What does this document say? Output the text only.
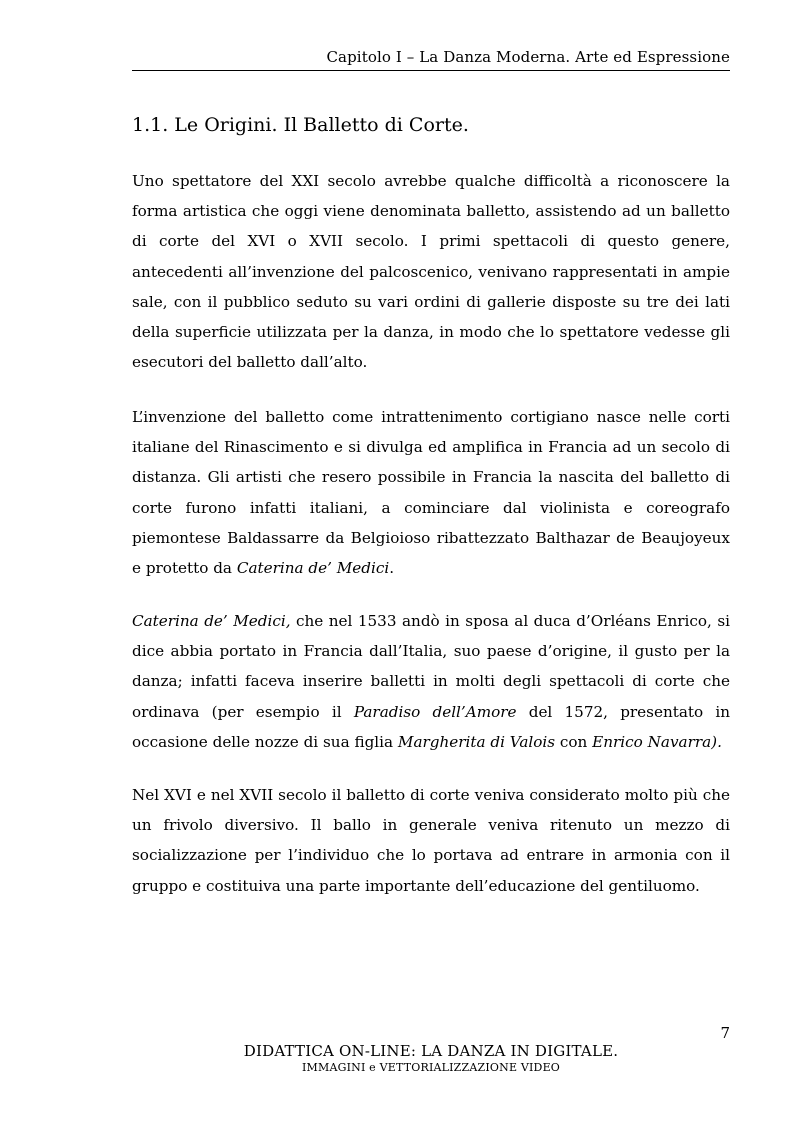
Capitolo I – La Danza Moderna. Arte ed Espressione
1.1. Le Origini. Il Balletto di Corte.

Uno spettatore del XXI secolo avrebbe qualche difficoltà a riconoscere la forma artistica che oggi viene denominata balletto, assistendo ad un balletto di corte del XVI o XVII secolo. I primi spettacoli di questo genere, antecedenti all’invenzione del palcoscenico, venivano rappresentati in ampie sale, con il pubblico seduto su vari ordini di gallerie disposte su tre dei lati della superficie utilizzata per la danza, in modo che lo spettatore vedesse gli esecutori del balletto dall’alto.

L’invenzione del balletto come intrattenimento cortigiano nasce nelle corti italiane del Rinascimento e si divulga ed amplifica in Francia ad un secolo di distanza. Gli artisti che resero possibile in Francia la nascita del balletto di corte furono infatti italiani, a cominciare dal violinista e coreografo piemontese Baldassarre da Belgioioso ribattezzato Balthazar de Beaujoyeux e protetto da Caterina de’ Medici.

Caterina de’ Medici, che nel 1533 andò in sposa al duca d’Orléans Enrico, si dice abbia portato in Francia dall’Italia, suo paese d’origine, il gusto per la danza; infatti faceva inserire balletti in molti degli spettacoli di corte che ordinava (per esempio il Paradiso dell’Amore del 1572, presentato in occasione delle nozze di sua figlia Margherita di Valois con Enrico Navarra).

Nel XVI e nel XVII secolo il balletto di corte veniva considerato molto più che un frivolo diversivo. Il ballo in generale veniva ritenuto un mezzo di socializzazione per l’individuo che lo portava ad entrare in armonia con il gruppo e costituiva una parte importante dell’educazione del gentiluomo.

7
DIDATTICA ON-LINE: LA DANZA IN DIGITALE.
IMMAGINI e VETTORIALIZZAZIONE VIDEO
